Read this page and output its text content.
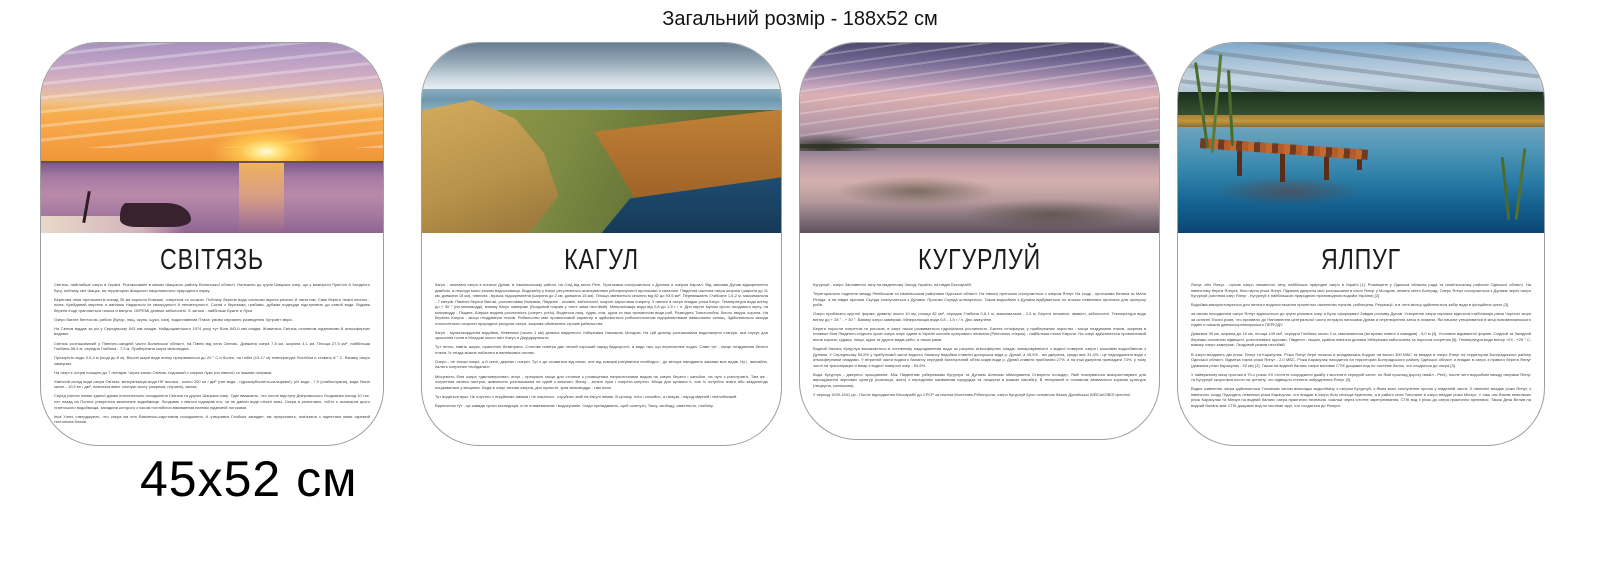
Загальний розмір - 188x52 см
СВІТЯЗЬ

Світязь- найглибше озеро в Україні. Розташоване в межах Шацького району Волинської області. Належить до групи Шацьких озер, що у межиріччі Прип'яті й Західного Бугу, поблизу смт Шацьк, на территории Шацького національного природного парку.

Берегова лінія протяжністю понад 30 км заросла Комише, очеретом та осокою. Поблизу берегів вода частково вкрита ряскою й лататтям. Самі береги лежні нечітко - пісна, Крейдяний мергель и вапняка Надається їм своєрідності й неповторності. Сосни з березами, грабами, дубами подекуди підступають до самой води. Вздовж берегів іноді трапляється галька и валуни, ОКРЕМІ ділянки заболочені. Є затоки - найбільші Бужне и Лука.

Озеро багате бентосом, рибою (Вугор, лящ, окунь, щука, сом), водоплавніми Птаха; умови сприяють розведення Хутровіт звіра.

На Світязі віддає за рік у Середньому 543 мм опадів. Найдощовітішого 1974 року тут Віла 843,6 мм опадів. Живитися Світязь основном підземними й атмосферних водами.

Світязь розташований у Північно-західній части Волинської області, на Північ від села Світязь. Довжина озера 7,8 км, ширина 4,1 км. Площа 27,5 км², найбільша Глибина 58,4 м, середня Глибина - 7,2 м. Прибережна смуга мілководна.

Прозорість води 3-5,4 м (іноді до 8 м). Верхні шари води влітку прогріваються до 20 ° С и более, на глібні (15-17 м) температура Постійна и ставить 8 ° С. Взимку озеро замерзає.

На озері є острів площею до 7 гектарів. Через канал Світязь з'єднаний з озером Луки (на півночі) та іншими озерами.

Хімічний склад води озера Світязь: мінералізація води НЕ висока - около 200 мг / дм³ (тип води - гідрокарбонатно-кальцієвої); рН води - 7,9 (слабколужна), вода Насін кисне - 10,5 мг / дм³, незначна вміст сполуки азоту (зокрема, нітратів), заліза.

Серед учених немає єдиної думки относительно походження Світязя та других Шацьких озер. Одні вважають, что после відступу Дніпровського Льодовика понад 10 тис. лет назад на Поліссі утворілося величезне водоймище. Льодовик з півночі підпирав его, чи не даючи воде стікаті вниз. Озера в реліктовнє, тобто є залишком цього гігантського водоймища, западини которого з часом поглибілся вімиванням вапнякі підземній потоками.

Інші Учені стверджують, что озера ма ють Вимлечно-карстовим походження. А утворився Глибока западин, ям пріпускають, пов'язана з підняттям ними окремий тектонічна блоків.

КАГУЛ

Кагул - заплавні озеро в пониззі Дунав, в Ізмаїльському районі, на Схід від міста Рені. Протоками сполучаються з Дунаєм и озером Картал. Від заплави Дунав відокремлено дамбою, а некогда мало режим водосховища. Водозабір у Кагул регулюються шлюзуванням рібопропускної протоками и каналом. Південна частина озера широка (ширина до 11 км, довжина 18 км), північна - вузька, відокремлена (ширина до 2 км, довжина 15 км). Площа змінюється сезонно від 82 до 93,5 км². Переважають Глибокне 1,5-2 м, максимальна - 7 метрів. Північні береги Високі, розчленовані балками, Південні - нізовіні, заболочені, покриті заростями очарету. З півночі в озеро впадає річка Кагул. Температура води влітку до + 30 ° (на мілководді), взимку Кагул замерзає (Льодовий покрив у теплі зими нестійкій). Мінералізація води від 0,8 до 1,5 г / л. Дно вкріте мулом сірого льодового мулу, на мілководді - Піщане. Ширше водяна рослинність (очерет, рогіз). Водяться лящ, судак, сом, щука та інші промислові види риб. Розводять Товстолобик, білого амура, коропа. На берегах Кагула - місця гніздування птахів. Рибальство має промисловий характер и здійснюється рибоколгоспним підприємствами навколішніх селищ. Здійснюються заходи относительно охорони природних ресурсів озера, зокрема обмеження строків рибальства.

Кагул - мультикордонна водойма, Невелика (около 1 км) ділянка південного Узбережжя Належить Молдові. На Цій ділянці розташована водонапірна станція, яка слугує для зрошення полів в Молдові около міст Кагул и Джурджулешти.

Тут тепло, навіть жарко, практично безвітряно. Степове повітря дає легкий хороший заряд бадьорості, а види такі, що перехоплює подих. Саме тут - місце гніздування безлічі птахів. Їх гнізда можна побачити в вапнякових скелях.

Озеро - не тільки озеро, а й скелі, дерева і очерет. Тут є де сховатися від спеки, але від комарів рятуватися необхідно - до вечора нападають жахами всіх видів. Ну і, звичайно, палять очеретяні «пойдалки».

Місцевість біля озера «двотоверхова»: вгорі - прекрасні місця для стоянки з розміщеним патриотичними видом на озерні береги і каньйон, на пулі з різнотрав'я. Там же - очеретяна хатина пастуха, живописно розташована на одній з височин. Внизу - зелені луки і очерети-очерети. Місця для купання є, але їх потрібно знати або заздалегідь поцікавитися у місцевих. Вода в озері типова озерна, дно мулисте, крім мілководдя - там пісок.

Тут водяться вужі. Не плутати з отруйними зміями і не лякатися - отруйних змій на Кагулі немає. В цілому, тихо і спокійно, а гагаузи - народ мирний і незлобливий.

Відпочинок тут - це завжди трохи експедиція, а не пляжеваляніе і водокупаніе. Сюди приїжджають, щоб осягнути, Тишу, свободу, самотність, глибину.

КУГУРЛУЙ

Кугурлуй - озеро Заплавного типу на південному Заході України, на півдні Бессарабії.

Територіально поділене между Ренійським та Ізмаїльським районами Одеської області. На півночі протокою сполучається з озером Ялпуг. На сході - протоками Велика та Мала Репіда, а на півдні протоки Скунда сполучається з Дунаєм. Протока Скунда шлюзується. Також водообмін з Дунаєм відбувається по кількох невеликих протоках для пропуску риби.

Озеро приблизно круглої форми, діаметр около 10 км, площа 82 км², середня Глибина 0,8-1 м, максимальна - 2,5 м. Береги незовісні, звивісті, заболочені. Температура води влітку до + 28 ° - + 30 °. Взимку озеро замерзає. Мінералізація води 0,8 - 1,5 г / л. Дно замулене.

Береги поросли очеретом та рогозом, в озері також розвивається гідрофільна рослинність. Багата іхтіофауна, у прибережних заростях - місця гніздування птахів, зокрема в плавнях біля Південно-східного краю озера існує єдина в Україні колонія кучерявого пелікана (Pelecanus crispus) - найбільша птаха Європи. На озері здійснюється промисловий вілов коропа, судака, ляща, щуки та других видів риби, а також раків.

Водний баланс Кугурлуя визначається в основному надходженням води за рахунок атмосферних опадів, випаровуваності з водної поверхні озера і можлівім водообміном з Дунаєм. У Середньому 54,5% у прибутковій части водного балансу водойми ставити донорська вода р. Дунай, а 45,5% - всі джерела, среди якіх 31,4% - це надходження води з атмосферними опадами. У вітратній части водного балансу середній багаторічний об'єм скідів води р. Дунай ставити приблизно 27%, а на інші джерела припадати 73%, у тому числі на транспірацію и віпар з водної поверхні озер - 54,6%.

Вода Кугурлуя - джерело зрошування. Між Південним узбережжям Кугурлуя та Дунаєм Шлюзом обвалування Створено польдер, Якій планувалося використовуваті для вирощування зернових культур (пшениця, жито) з періодічнім засіванням кукурудза та люцерни в рамках сівозбігу. В теперішній в основном вісіваються кормові культури (люцерна, конюшина).

У период 1939-1941 рр., После відходження Бессарабії до СРСР за пактом Молотова-Рібентропа, озеро Кугурлуй Було основною базою Дунайської ВІЙСЬКОВОЇ флотілії.

ЯЛПУГ

Ялпуг, або Ялпух - прісне озеро лиманного типу, найбільше природне озеро в Україні [1]. Розміщене у Одеська обласна рада та Ізмаїльському районах Одеської області. На північному березі Ялпуга, біля гирла річки Ялпуг, Підземні джерела якої розташовані в схилі Ялпуг у Молдові, лежить місто Болград. Озеро Ялпуг сполучається з Дунаєм через озеро Кугурлуй (система озер Ялпуг - Кугурлуй є найбільшою природною прісноводною водойм України) [2].

Водойма використовується для питного водопостачання прилеглих населених пунктів, рибництва, Рекреації, а в літні місяці здійснюється забір води в ірігаційних цілях [3].

за своим походження озеро Ялпуг відноситься до групи річкових озер и Було сформуваті Завдяк розливу Дунав. Утворення озера сприяла відносна стабілізація рівня Чорного моря за останні Тисячі років, что призвело до Наповнення центральної части естуарія наносами Дунав и перетворення заток в лимани, Які начали утворюватіся в кінці нововеликінського годині и начала давньочорноморського ПЕРІОДУ.

Довжина 39 км, ширина до 15 км, площа 149 км², середня Глибина около 2 м, максимальна (во время повені и паводків) - 6,0 м [4]. Уголовна відовженої форми. Східний та Західний бережки основном підвіщені, розчленовані яругами, Південні - піщані, крайня північна ділянка Узбережжя заболочена та поросла очеретом [5]. Температура води влітку +24 - +25 ° С; взимку озеро замерзає. Льодовий режим нестійкій.

В озеро впадають дві річки: Ялпуг та Карасулак. Річка Ялпуг бере початок в молдавських Кодрах на висоті 300 МБС та впадає в озеро Ялпуг на территории Болградського району Одеської області. Відмітка гирла річки Ялпуг - 2,0 МБС. Річка Карасулак находится на территории Болградського району Одеської області и впадає в озеро з правого берега Ялпуг (довжина річки Карасулак - 52 км) [2]. Також на водний баланс озера впливає СТІК дощових вод по системе балок, что сходяться до озера [3].

У найвужчому місці протоки в 70-х роках XX століття споруджено дамбу з мостом в середній части, по Якій проклад дорогу Ізмаїл - Рені), после чего водообмін между озерами Ялпуг та Кугурлуй скоротівся почти на третину, что підвіщіло степень забруднення Ялпуг [3].

Водне живлення озера здійснюється Головним чином внаслідок водообміну з озером Кугурлуй, з Яким воно сполучення проток у південній части. З північної впадає річка Ялпуг, з північного сходу Підходить невелика річка Карасулак, что впадає в озеро біля селища Криничне, а в районі села Тополине в озеро впадає річка Мінзул. У наш час Вплив невеликих річок Карасулак та Мінзул на водний баланс озера практично незначна, оскількі через істотне зарегулювання, СТІК вод з річок до озера практично пріпінівся. Також Деяк Вплив на водний баланс має СТІК дощових вод по системе яруг, что сходяться до Ялпуга.

45x52 см
